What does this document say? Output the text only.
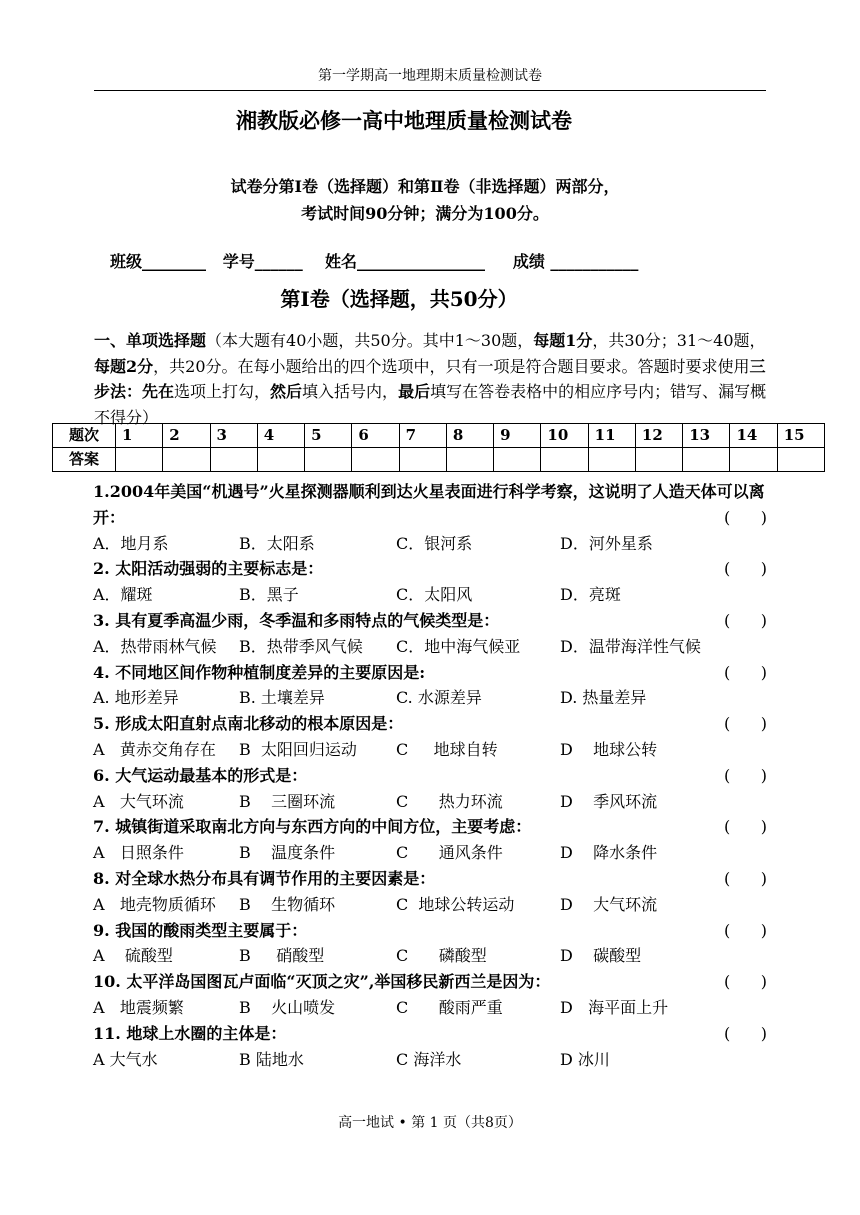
第一学期高一地理期末质量检测试卷
湘教版必修一高中地理质量检测试卷
试卷分第Ⅰ卷（选择题）和第Ⅱ卷（非选择题）两部分，
考试时间90分钟；满分为100分。
班级________   学号______    姓名________________     成绩 ___________
第Ⅰ卷（选择题，共50分）
一、单项选择题（本大题有40小题，共50分。其中1～30题，每题1分，共30分；31～40题，每题2分，共20分。在每小题给出的四个选项中，只有一项是符合题目要求。答题时要求使用三步法：先在选项上打勾，然后填入括号内，最后填写在答卷表格中的相应序号内；错写、漏写概不得分）
题次	1	2	3	4	5	6	7	8	9	10	11	12	13	14	15
答案															
1.2004年美国“机遇号”火星探测器顺利到达火星表面进行科学考察，这说明了人造天体可以离开：	(      )
A．地月系	B．太阳系	C．银河系	D．河外星系
2. 太阳活动强弱的主要标志是：	(      )
A．耀斑	B．黑子	C．太阳风	D．亮斑
3. 具有夏季高温少雨，冬季温和多雨特点的气候类型是：	(      )
A．热带雨林气候 B．热带季风气候 C．地中海气候亚 D．温带海洋性气候
4. 不同地区间作物种植制度差异的主要原因是:	(      )
A. 地形差异	B. 土壤差异	C. 水源差异	D. 热量差异
5. 形成太阳直射点南北移动的根本原因是：	(      )
A   黄赤交角存在 B  太阳回归运动 C     地球自转	D    地球公转
6. 大气运动最基本的形式是：	(      )
A   大气环流	B    三圈环流	C      热力环流	D    季风环流
7. 城镇街道采取南北方向与东西方向的中间方位，主要考虑：	(      )
A   日照条件	B    温度条件	C      通风条件	D    降水条件
8. 对全球水热分布具有调节作用的主要因素是：	(      )
A   地壳物质循环 B    生物循环	C  地球公转运动	D    大气环流
9. 我国的酸雨类型主要属于：	(      )
A    硫酸型	B     硝酸型	C      磷酸型	D    碳酸型
10. 太平洋岛国图瓦卢面临“灭顶之灾”,举国移民新西兰是因为：	(      )
A   地震频繁	B    火山喷发	C      酸雨严重	D   海平面上升
11. 地球上水圈的主体是：	(      )
A 大气水	B 陆地水	C 海洋水	D 冰川
高一地试 • 第 1 页（共8页）
